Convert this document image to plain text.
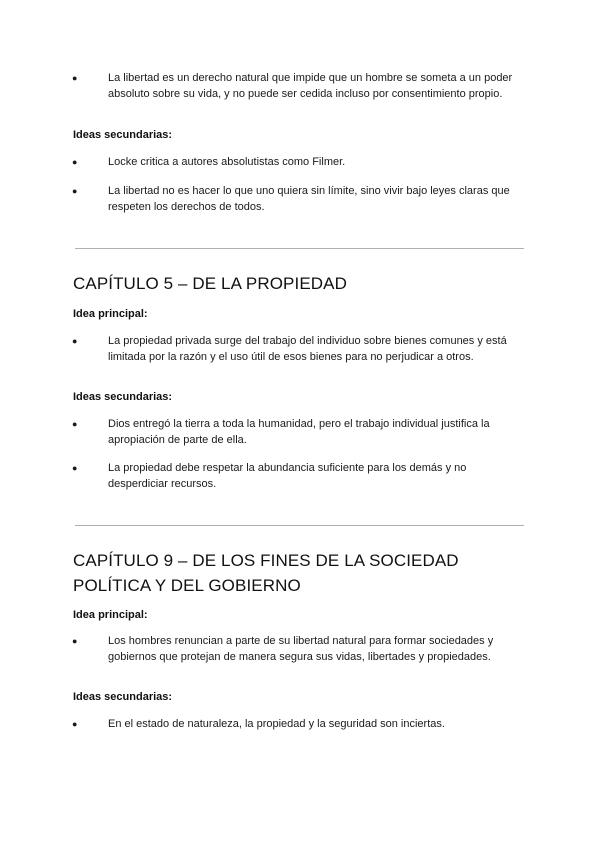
●	La libertad es un derecho natural que impide que un hombre se someta a un poder absoluto sobre su vida, y no puede ser cedida incluso por consentimiento propio.
Ideas secundarias:
●	Locke critica a autores absolutistas como Filmer.
●	La libertad no es hacer lo que uno quiera sin límite, sino vivir bajo leyes claras que respeten los derechos de todos.
CAPÍTULO 5 – DE LA PROPIEDAD
Idea principal:
●	La propiedad privada surge del trabajo del individuo sobre bienes comunes y está limitada por la razón y el uso útil de esos bienes para no perjudicar a otros.
Ideas secundarias:
●	Dios entregó la tierra a toda la humanidad, pero el trabajo individual justifica la apropiación de parte de ella.
●	La propiedad debe respetar la abundancia suficiente para los demás y no desperdiciar recursos.
CAPÍTULO 9 – DE LOS FINES DE LA SOCIEDAD
POLÍTICA Y DEL GOBIERNO
Idea principal:
●	Los hombres renuncian a parte de su libertad natural para formar sociedades y gobiernos que protejan de manera segura sus vidas, libertades y propiedades.
Ideas secundarias:
●	En el estado de naturaleza, la propiedad y la seguridad son inciertas.
